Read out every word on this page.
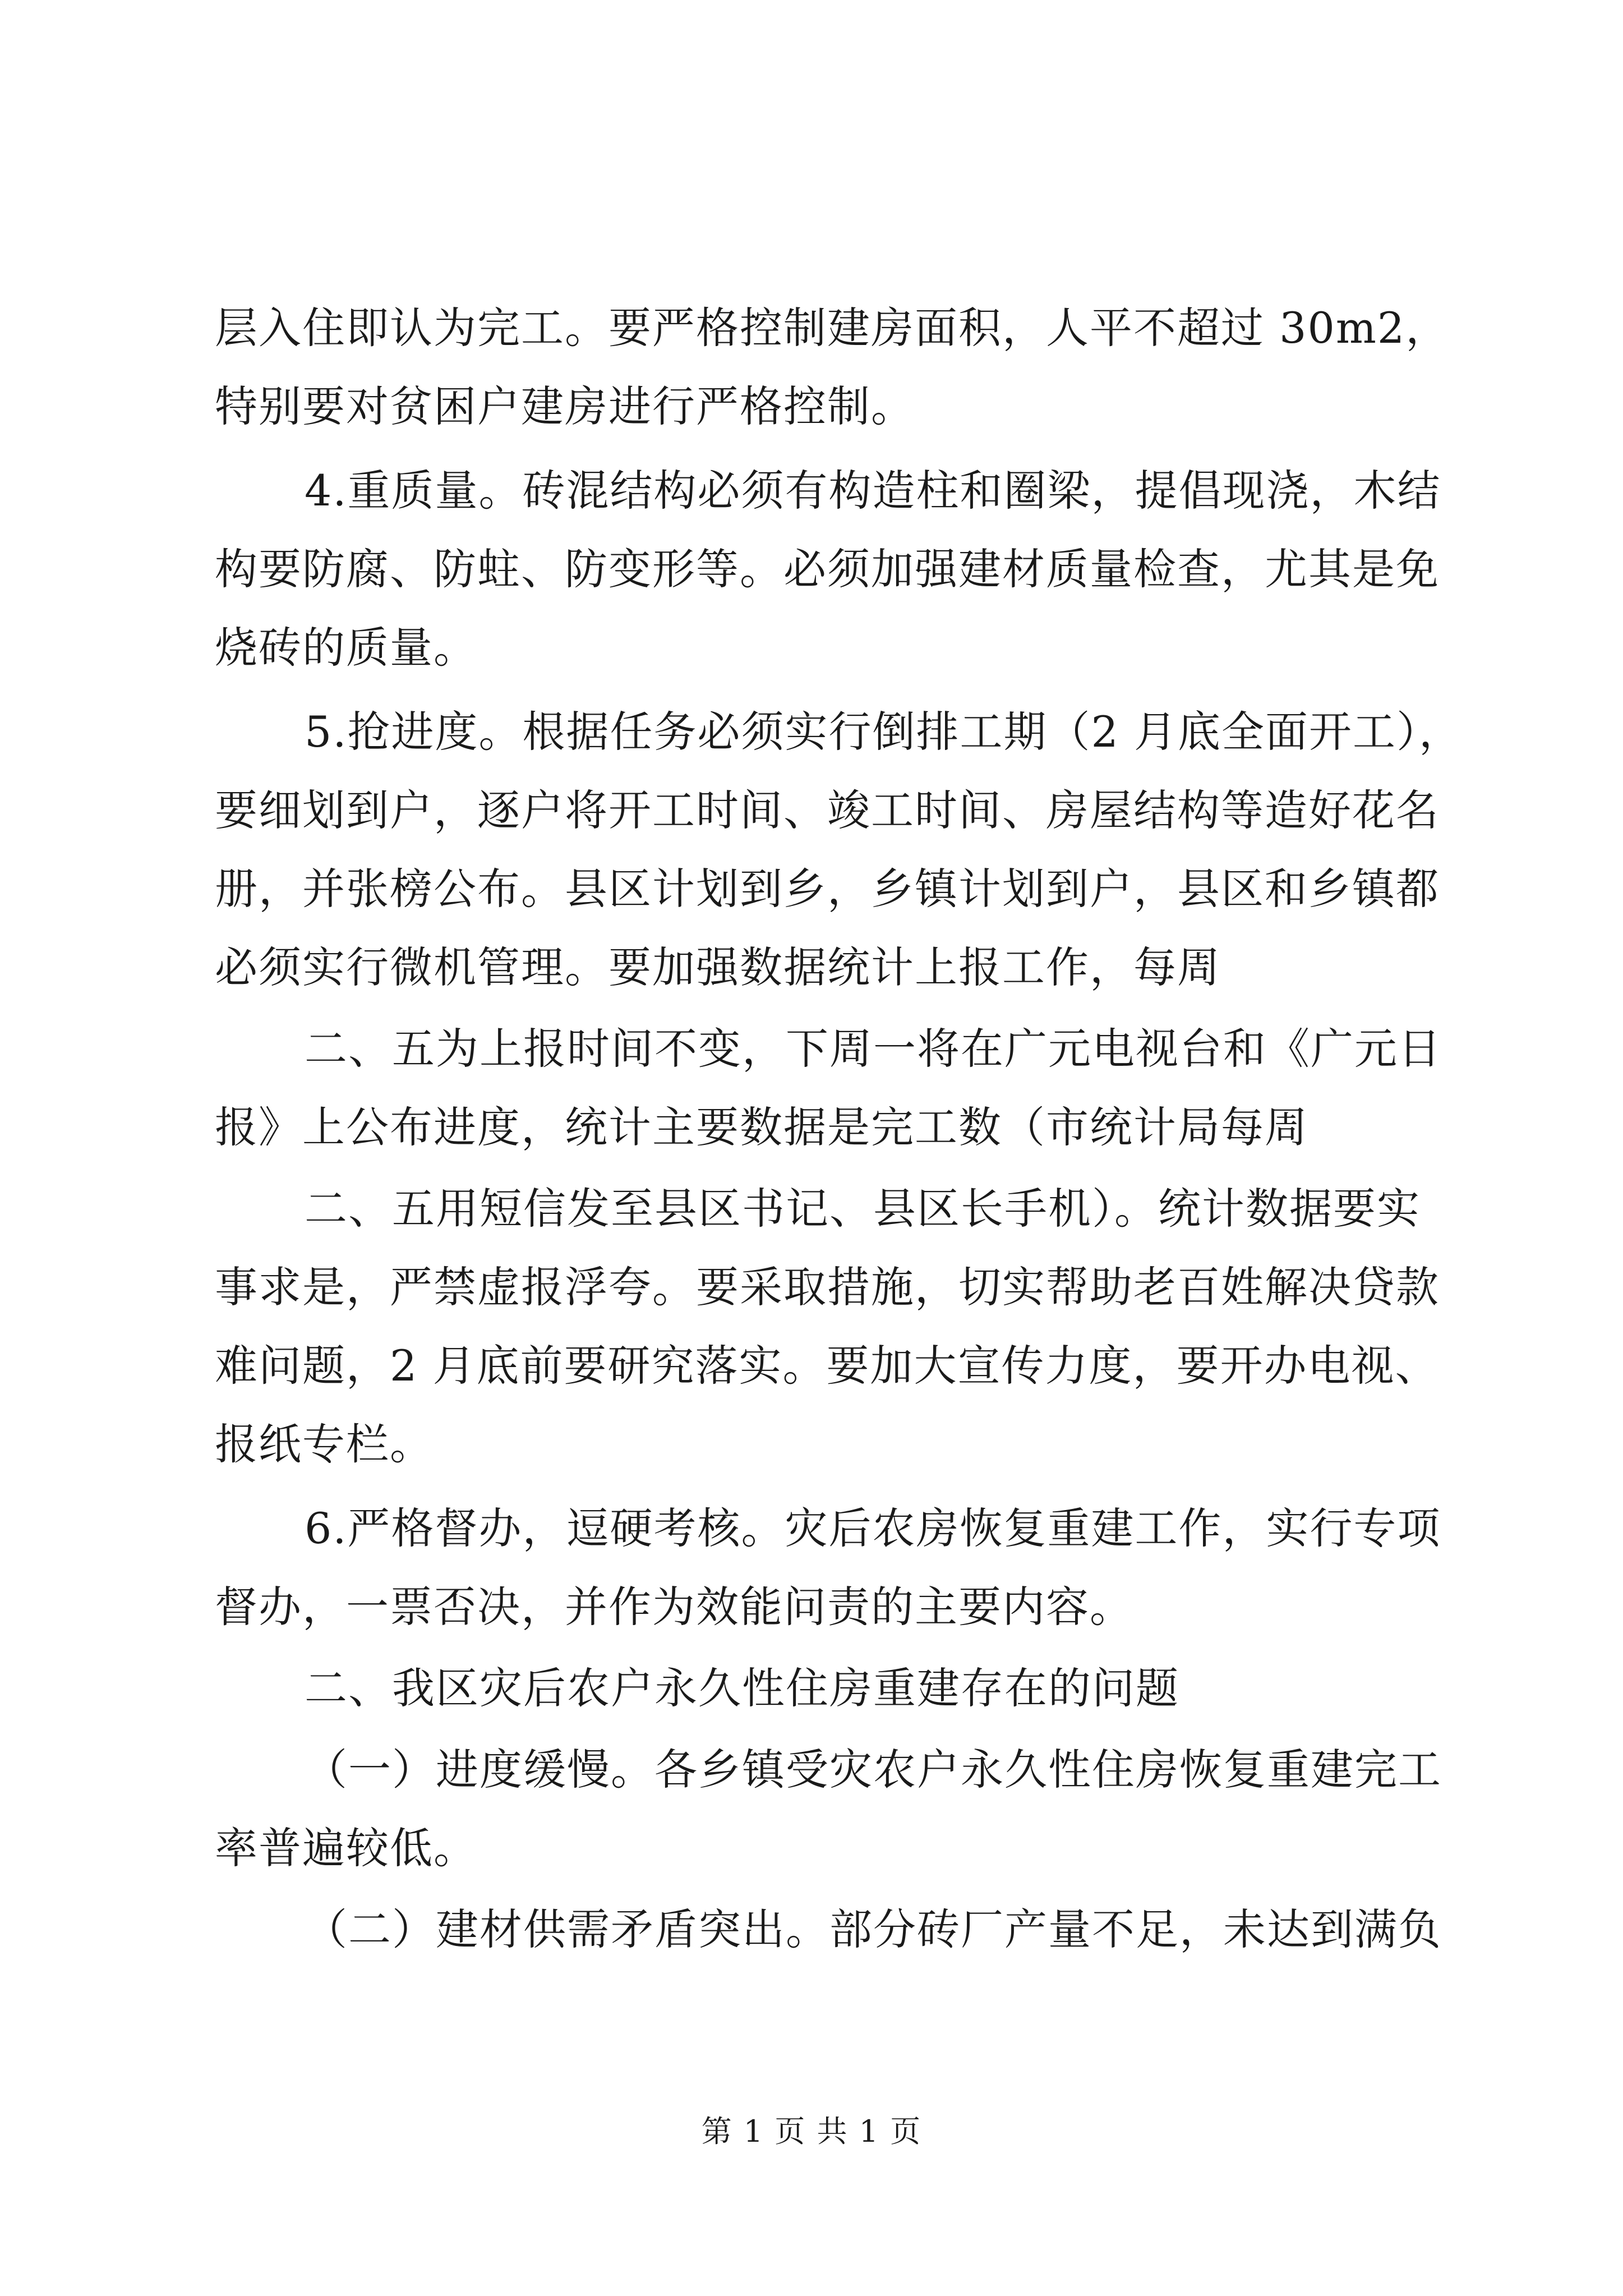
层入住即认为完工。要严格控制建房面积，人平不超过 30m2，
特别要对贫困户建房进行严格控制。
4.重质量。砖混结构必须有构造柱和圈梁，提倡现浇，木结
构要防腐、防蛀、防变形等。必须加强建材质量检查，尤其是免
烧砖的质量。
5.抢进度。根据任务必须实行倒排工期（2 月底全面开工），
要细划到户，逐户将开工时间、竣工时间、房屋结构等造好花名
册，并张榜公布。县区计划到乡，乡镇计划到户，县区和乡镇都
必须实行微机管理。要加强数据统计上报工作，每周
二、五为上报时间不变，下周一将在广元电视台和《广元日
报》上公布进度，统计主要数据是完工数（市统计局每周
二、五用短信发至县区书记、县区长手机）。统计数据要实
事求是，严禁虚报浮夸。要采取措施，切实帮助老百姓解决贷款
难问题，2 月底前要研究落实。要加大宣传力度，要开办电视、
报纸专栏。
6.严格督办，逗硬考核。灾后农房恢复重建工作，实行专项
督办，一票否决，并作为效能问责的主要内容。
二、我区灾后农户永久性住房重建存在的问题
（一）进度缓慢。各乡镇受灾农户永久性住房恢复重建完工
率普遍较低。
（二）建材供需矛盾突出。部分砖厂产量不足，未达到满负
第 1 页 共 1 页
